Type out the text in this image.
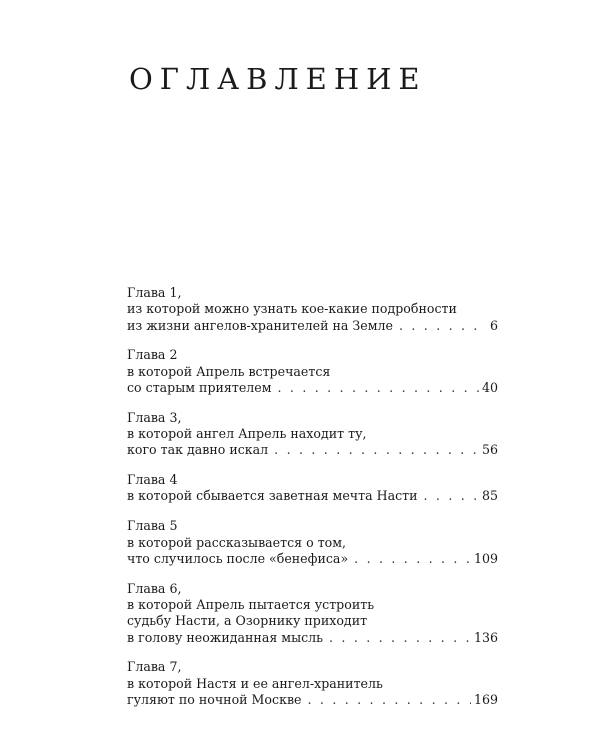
ОГЛАВЛЕНИЕ
Глава 1,
из которой можно узнать кое-какие подробности
из жизни ангелов-хранителей на Земле . . .	6
Глава 2
в которой Апрель встречается
со старым приятелем . . .	40
Глава 3,
в которой ангел Апрель находит ту,
кого так давно искал . . .	56
Глава 4
в которой сбывается заветная мечта Насти . . .	85
Глава 5
в которой рассказывается о том,
что случилось после «бенефиса» . . .	109
Глава 6,
в которой Апрель пытается устроить
судьбу Насти, а Озорнику приходит
в голову неожиданная мысль . . .	136
Глава 7,
в которой Настя и ее ангел-хранитель
гуляют по ночной Москве . . .	169
